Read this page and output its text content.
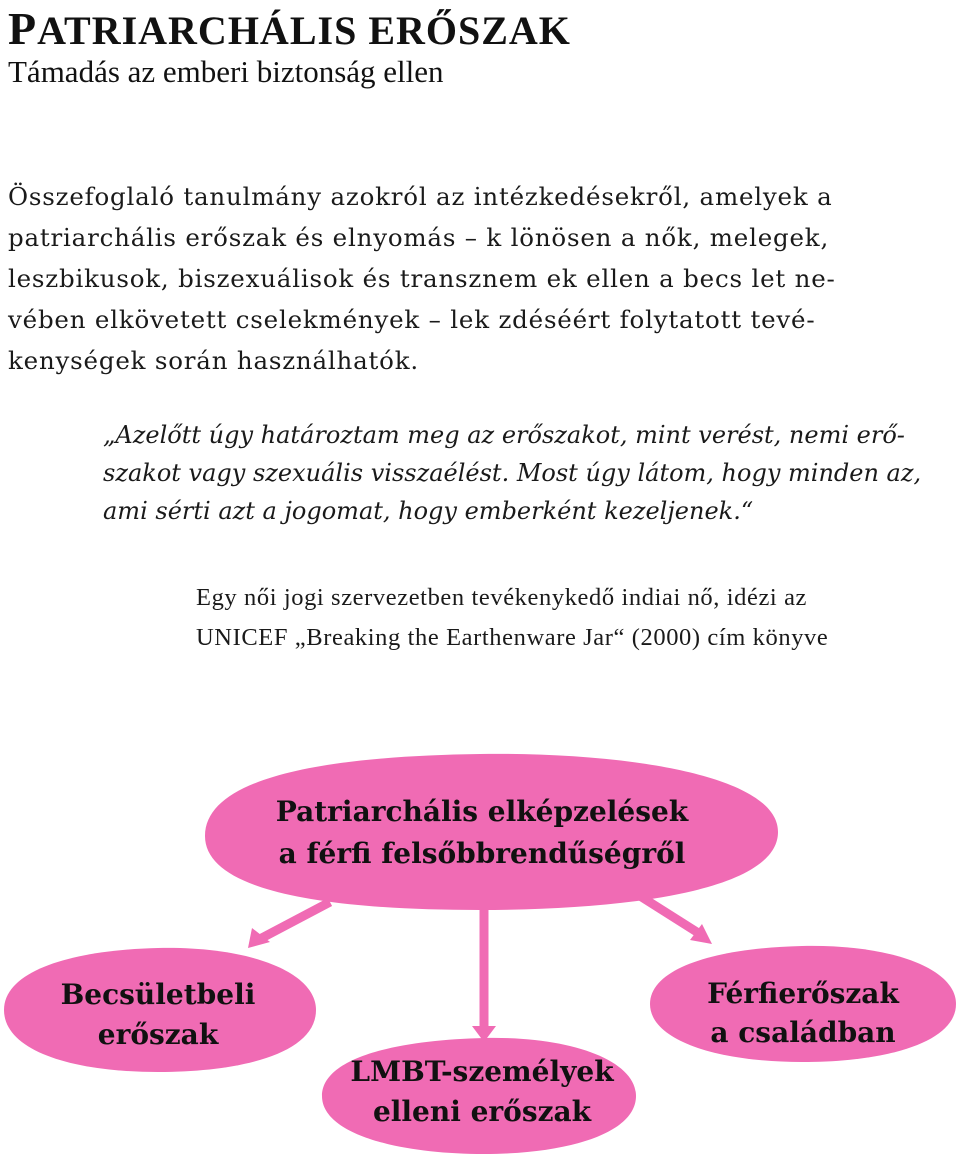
PATRIARCHÁLIS ERŐSZAK
Támadás az emberi biztonság ellen

Összefoglaló tanulmány azokról az intézkedésekről, amelyek a
patriarchális erőszak és elnyomás – k lönösen a nők, melegek,
leszbikusok, biszexuálisok és transznem ek ellen a becs let ne-
vében elkövetett cselekmények – lek zdéséért folytatott tevé-
kenységek során használhatók.

„Azelőtt úgy határoztam meg az erőszakot, mint verést, nemi erő-
szakot vagy szexuális visszaélést. Most úgy látom, hogy minden az,
ami sérti azt a jogomat, hogy emberként kezeljenek.“

Egy női jogi szervezetben tevékenykedő indiai nő, idézi az
UNICEF „Breaking the Earthenware Jar“ (2000) cím könyve

Patriarchális elképzelések
a férfi felsőbbrendűségről
Becsületbeli
erőszak
LMBT-személyek
elleni erőszak
Férfierőszak
a családban
